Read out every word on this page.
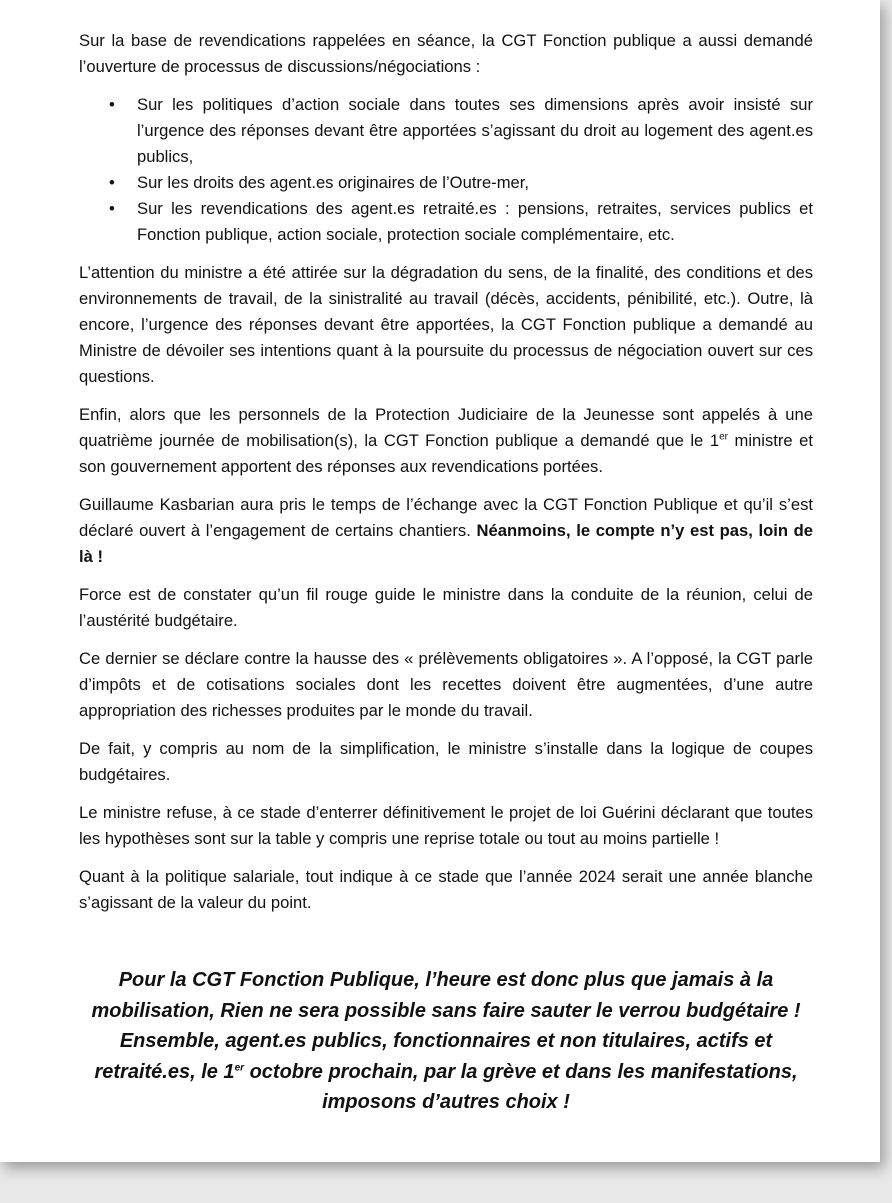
Sur la base de revendications rappelées en séance, la CGT Fonction publique a aussi demandé l’ouverture de processus de discussions/négociations :

• Sur les politiques d’action sociale dans toutes ses dimensions après avoir insisté sur l’urgence des réponses devant être apportées s’agissant du droit au logement des agent.es publics,
• Sur les droits des agent.es originaires de l’Outre-mer,
• Sur les revendications des agent.es retraité.es : pensions, retraites, services publics et Fonction publique, action sociale, protection sociale complémentaire, etc.

L’attention du ministre a été attirée sur la dégradation du sens, de la finalité, des conditions et des environnements de travail, de la sinistralité au travail (décès, accidents, pénibilité, etc.). Outre, là encore, l’urgence des réponses devant être apportées, la CGT Fonction publique a demandé au Ministre de dévoiler ses intentions quant à la poursuite du processus de négociation ouvert sur ces questions.

Enfin, alors que les personnels de la Protection Judiciaire de la Jeunesse sont appelés à une quatrième journée de mobilisation(s), la CGT Fonction publique a demandé que le 1er ministre et son gouvernement apportent des réponses aux revendications portées.

Guillaume Kasbarian aura pris le temps de l’échange avec la CGT Fonction Publique et qu’il s’est déclaré ouvert à l’engagement de certains chantiers. Néanmoins, le compte n’y est pas, loin de là !

Force est de constater qu’un fil rouge guide le ministre dans la conduite de la réunion, celui de l’austérité budgétaire.

Ce dernier se déclare contre la hausse des « prélèvements obligatoires ». A l’opposé, la CGT parle d’impôts et de cotisations sociales dont les recettes doivent être augmentées, d’une autre appropriation des richesses produites par le monde du travail.

De fait, y compris au nom de la simplification, le ministre s’installe dans la logique de coupes budgétaires.

Le ministre refuse, à ce stade d’enterrer définitivement le projet de loi Guérini déclarant que toutes les hypothèses sont sur la table y compris une reprise totale ou tout au moins partielle !

Quant à la politique salariale, tout indique à ce stade que l’année 2024 serait une année blanche s’agissant de la valeur du point.

Pour la CGT Fonction Publique, l’heure est donc plus que jamais à la
mobilisation, Rien ne sera possible sans faire sauter le verrou budgétaire !
Ensemble, agent.es publics, fonctionnaires et non titulaires, actifs et
retraité.es, le 1er octobre prochain, par la grève et dans les manifestations,
imposons d’autres choix !
